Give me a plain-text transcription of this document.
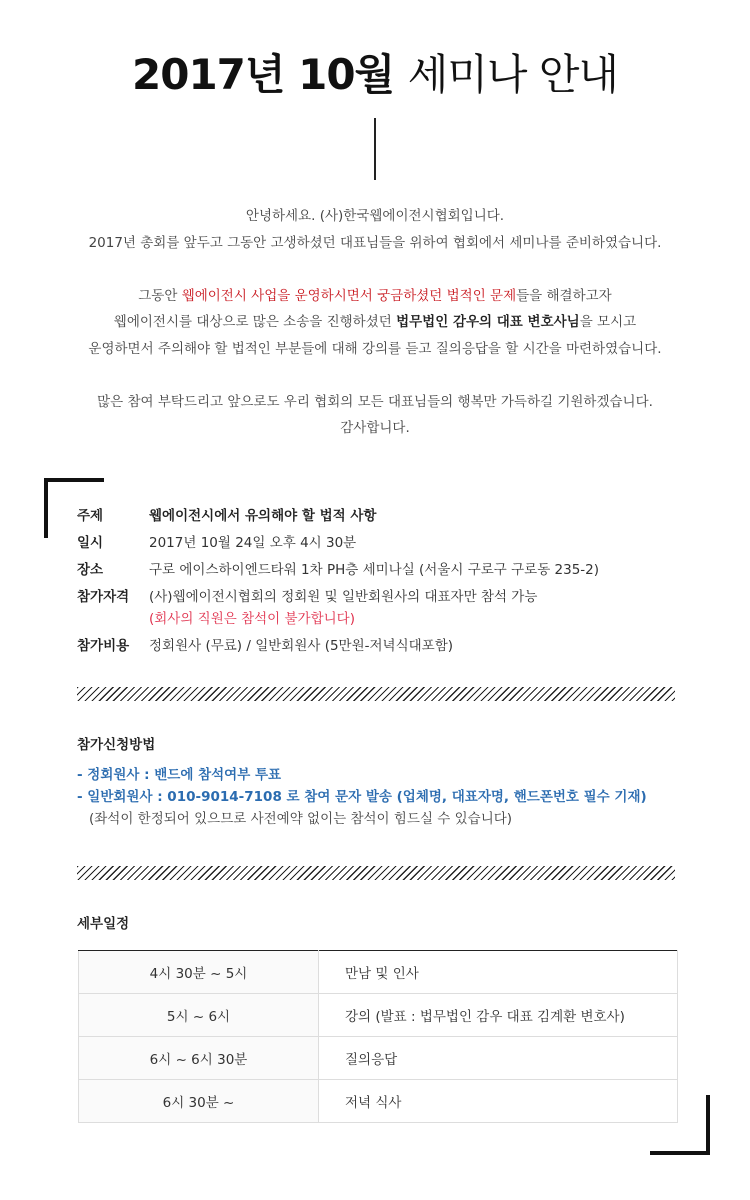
2017년 10월 세미나 안내
안녕하세요. (사)한국웹에이전시협회입니다.
2017년 총회를 앞두고 그동안 고생하셨던 대표님들을 위하여 협회에서 세미나를 준비하였습니다.
그동안 웹에이전시 사업을 운영하시면서 궁금하셨던 법적인 문제들을 해결하고자
웹에이전시를 대상으로 많은 소송을 진행하셨던 법무법인 감우의 대표 변호사님을 모시고
운영하면서 주의해야 할 법적인 부분들에 대해 강의를 듣고 질의응답을 할 시간을 마련하였습니다.
많은 참여 부탁드리고 앞으로도 우리 협회의 모든 대표님들의 행복만 가득하길 기원하겠습니다.
감사합니다.
주제	웹에이전시에서 유의해야 할 법적 사항
일시	2017년 10월 24일 오후 4시 30분
장소	구로 에이스하이엔드타워 1차 PH층 세미나실 (서울시 구로구 구로동 235-2)
참가자격	(사)웹에이전시협회의 정회원 및 일반회원사의 대표자만 참석 가능
(회사의 직원은 참석이 불가합니다)
참가비용	정회원사 (무료) / 일반회원사 (5만원-저녁식대포함)
참가신청방법
- 정회원사 : 밴드에 참석여부 투표
- 일반회원사 : 010-9014-7108 로 참여 문자 발송 (업체명, 대표자명, 핸드폰번호 필수 기재)
(좌석이 한정되어 있으므로 사전예약 없이는 참석이 힘드실 수 있습니다)
세부일정
4시 30분 ~ 5시	만남 및 인사
5시 ~ 6시	강의 (발표 : 법무법인 감우 대표 김계환 변호사)
6시 ~ 6시 30분	질의응답
6시 30분 ~	저녁 식사
